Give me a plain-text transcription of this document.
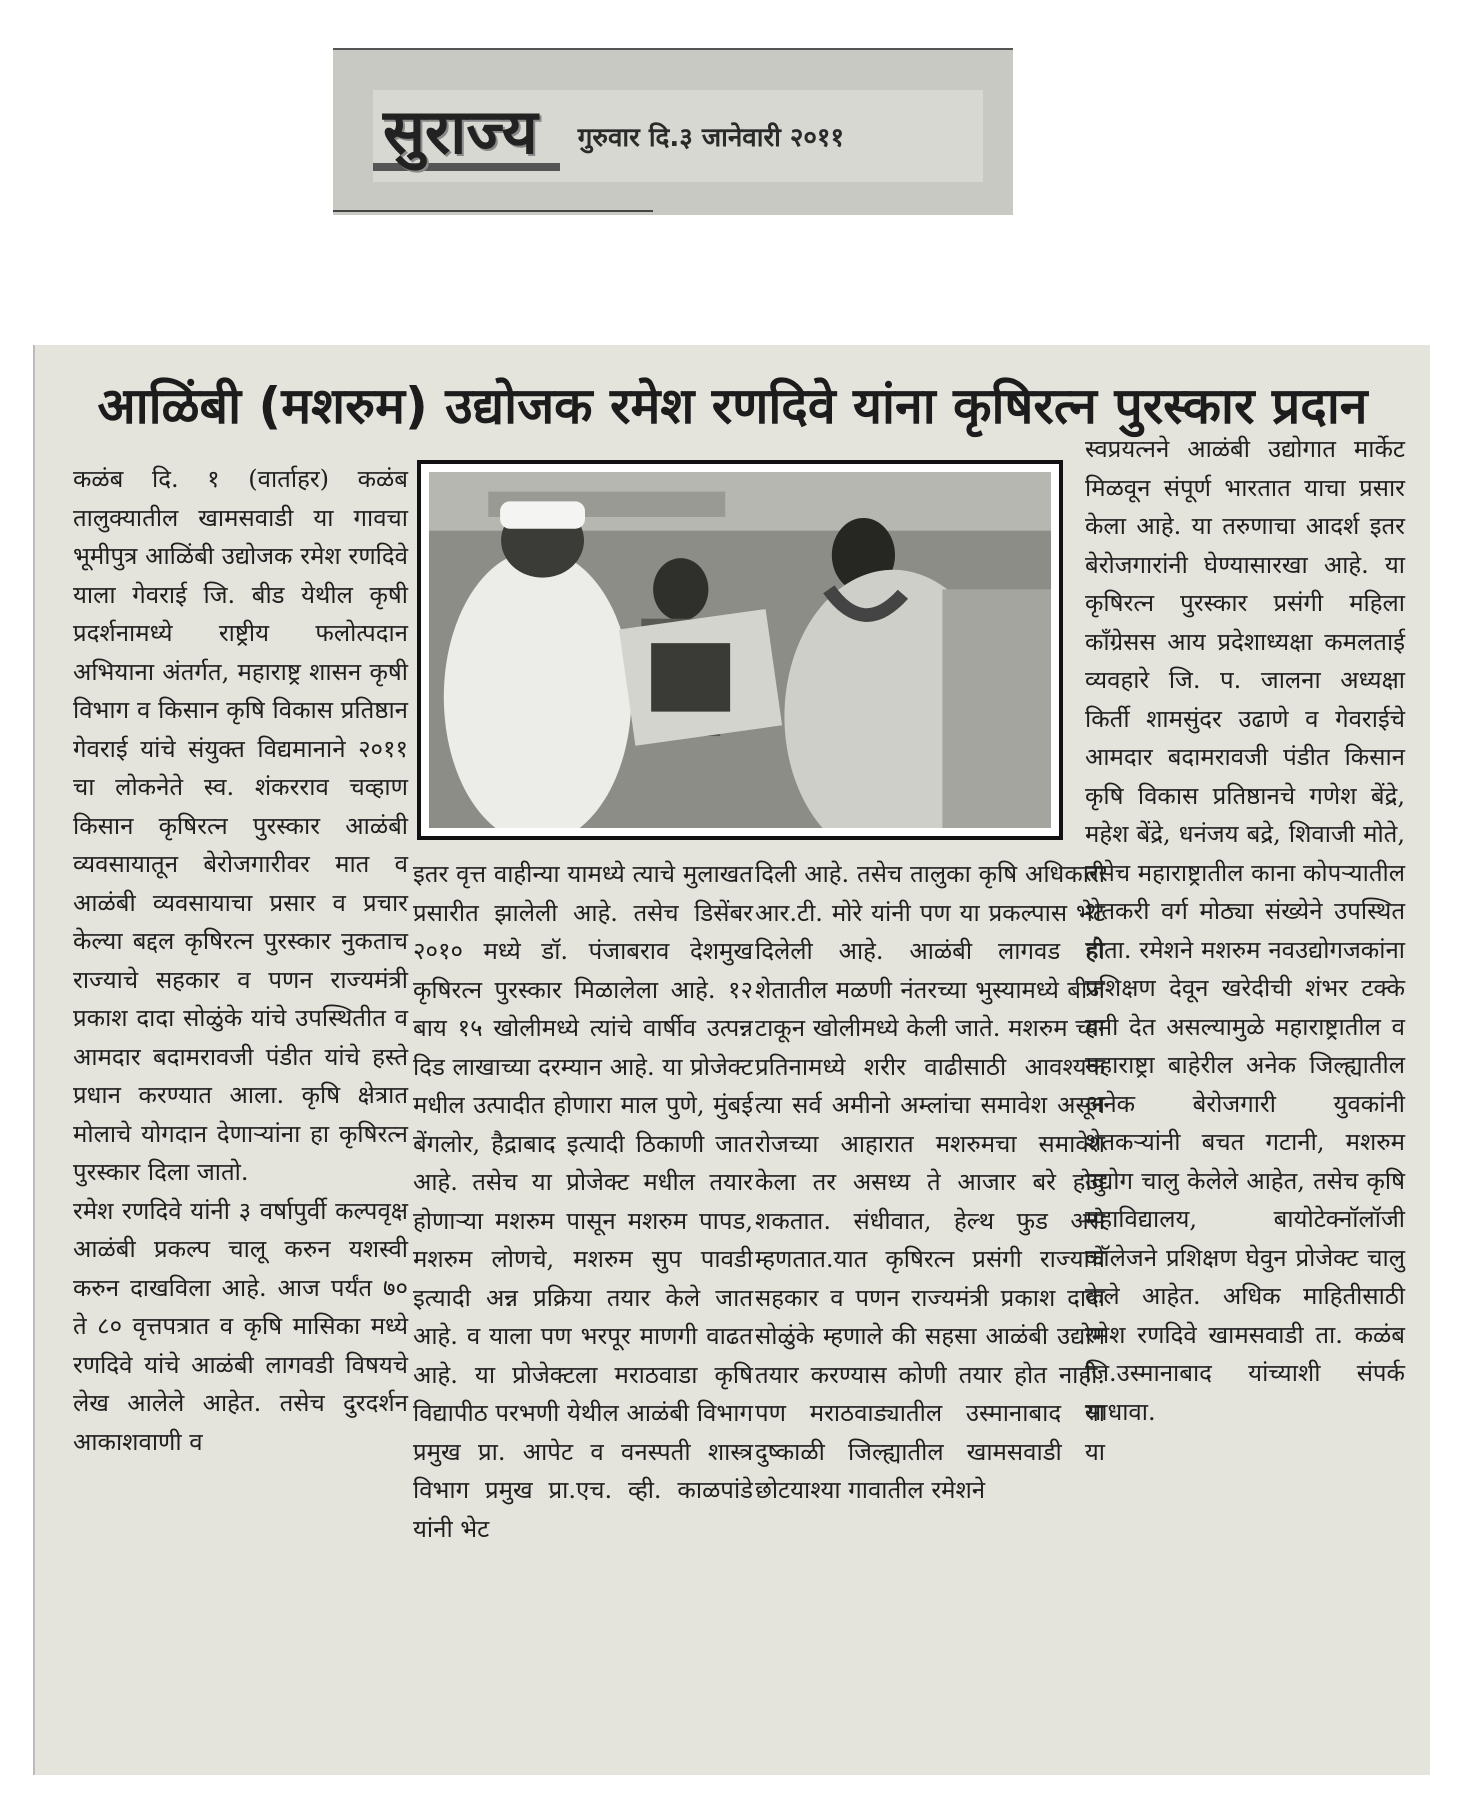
सुराज्य	गुरुवार दि.३ जानेवारी २०११
आळिंबी (मशरुम) उद्योजक रमेश रणदिवे यांना कृषिरत्न पुरस्कार प्रदान
कळंब दि. १ (वार्ताहर) कळंब तालुक्यातील खामसवाडी या गावचा भूमीपुत्र आळिंबी उद्योजक रमेश रणदिवे याला गेवराई जि. बीड येथील कृषी प्रदर्शनामध्ये राष्ट्रीय फलोत्पदान अभियाना अंतर्गत, महाराष्ट्र शासन कृषी विभाग व किसान कृषि विकास प्रतिष्ठान गेवराई यांचे संयुक्त विद्यमानाने २०११ चा लोकनेते स्व. शंकरराव चव्हाण किसान कृषिरत्न पुरस्कार आळंबी व्यवसायातून बेरोजगारीवर मात व आळंबी व्यवसायाचा प्रसार व प्रचार केल्या बद्दल कृषिरत्न पुरस्कार नुकताच राज्याचे सहकार व पणन राज्यमंत्री प्रकाश दादा सोळुंके यांचे उपस्थितीत व आमदार बदामरावजी पंडीत यांचे हस्ते प्रधान करण्यात आला. कृषि क्षेत्रात मोलाचे योगदान देणाऱ्यांना हा कृषिरत्न पुरस्कार दिला जातो.
रमेश रणदिवे यांनी ३ वर्षापुर्वी कल्पवृक्ष आळंबी प्रकल्प चालू करुन यशस्वी करुन दाखविला आहे. आज पर्यंत ७० ते ८० वृत्तपत्रात व कृषि मासिका मध्ये रणदिवे यांचे आळंबी लागवडी विषयचे लेख आलेले आहेत. तसेच दुरदर्शन आकाशवाणी व
इतर वृत्त वाहीन्या यामध्ये त्याचे मुलाखत प्रसारीत झालेली आहे. तसेच डिसेंबर २०१० मध्ये डॉ. पंजाबराव देशमुख कृषिरत्न पुरस्कार मिळालेला आहे. १२ बाय १५ खोलीमध्ये त्यांचे वार्षीव उत्पन्न दिड लाखाच्या दरम्यान आहे. या प्रोजेक्ट मधील उत्पादीत होणारा माल पुणे, मुंबई बेंगलोर, हैद्राबाद इत्यादी ठिकाणी जात आहे. तसेच या प्रोजेक्ट मधील तयार होणाऱ्या मशरुम पासून मशरुम पापड, मशरुम लोणचे, मशरुम सुप पावडी इत्यादी अन्न प्रक्रिया तयार केले जात आहे. व याला पण भरपूर माणगी वाढत आहे. या प्रोजेक्टला मराठवाडा कृषि विद्यापीठ परभणी येथील आळंबी विभाग प्रमुख प्रा. आपेट व वनस्पती शास्त्र विभाग प्रमुख प्रा.एच. व्ही. काळपांडे यांनी भेट
दिली आहे. तसेच तालुका कृषि अधिकारी आर.टी. मोरे यांनी पण या प्रकल्पास भेट दिलेली आहे. आळंबी लागवड ही शेतातील मळणी नंतरच्या भुस्यामध्ये बीज टाकून खोलीमध्ये केली जाते. मशरुम च्या प्रतिनामध्ये शरीर वाढीसाठी आवश्यक त्या सर्व अमीनो अम्लांचा समावेश असून रोजच्या आहारात मशरुमचा समावेश केला तर असध्य ते आजार बरे होवु शकतात. संधीवात, हेल्थ फुड असे म्हणतात.यात कृषिरत्न प्रसंगी राज्याचे सहकार व पणन राज्यमंत्री प्रकाश दादा सोळुंके म्हणाले की सहसा आळंबी उद्योग तयार करण्यास कोणी तयार होत नाही. पण मराठवाड्यातील उस्मानाबाद या दुष्काळी जिल्ह्यातील खामसवाडी या छोटयाश्या गावातील रमेशने
स्वप्रयत्नने आळंबी उद्योगात मार्केट मिळवून संपूर्ण भारतात याचा प्रसार केला आहे. या तरुणाचा आदर्श इतर बेरोजगारांनी घेण्यासारखा आहे. या कृषिरत्न पुरस्कार प्रसंगी महिला काँग्रेसस आय प्रदेशाध्यक्षा कमलताई व्यवहारे जि. प. जालना अध्यक्षा किर्ती शामसुंदर उढाणे व गेवराईचे आमदार बदामरावजी पंडीत किसान कृषि विकास प्रतिष्ठानचे गणेश बेंद्रे, महेश बेंद्रे, धनंजय बद्रे, शिवाजी मोते, तसेच महाराष्ट्रातील काना कोपऱ्यातील शेतकरी वर्ग मोठ्या संख्येने उपस्थित होता. रमेशने मशरुम नवउद्योगजकांना प्रशिक्षण देवून खरेदीची शंभर टक्के हमी देत असल्यामुळे महाराष्ट्रातील व महाराष्ट्रा बाहेरील अनेक जिल्ह्यातील अनेक बेरोजगारी युवकांनी शेतकऱ्यांनी बचत गटानी, मशरुम उद्योग चालु केलेले आहेत, तसेच कृषि महाविद्यालय, बायोटेक्नॉलॉजी कॉलेजने प्रशिक्षण घेवुन प्रोजेक्ट चालु केले आहेत. अधिक माहितीसाठी रमेश रणदिवे खामसवाडी ता. कळंब जि.उस्मानाबाद यांच्याशी संपर्क साधावा.
